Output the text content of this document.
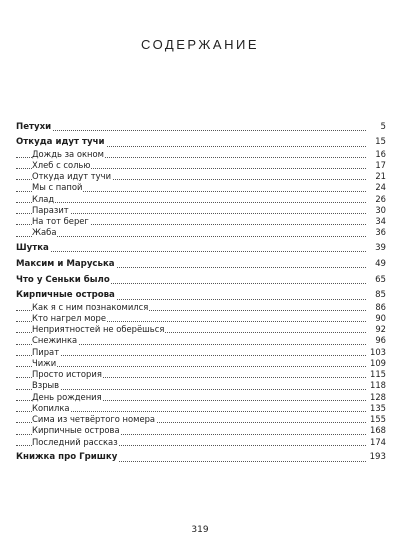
СОДЕРЖАНИЕ
Петухи	5
Откуда идут тучи	15
Дождь за окном	16
Хлеб с солью	17
Откуда идут тучи	21
Мы с папой	24
Клад	26
Паразит	30
На тот берег	34
Жаба	36
Шутка	39
Максим и Маруська	49
Что у Сеньки было	65
Кирпичные острова	85
Как я с ним познакомился	86
Кто нагрел море	90
Неприятностей не оберёшься	92
Снежинка	96
Пират	103
Чижи	109
Просто история	115
Взрыв	118
День рождения	128
Копилка	135
Сима из четвёртого номера	155
Кирпичные острова	168
Последний рассказ	174
Книжка про Гришку	193
319
